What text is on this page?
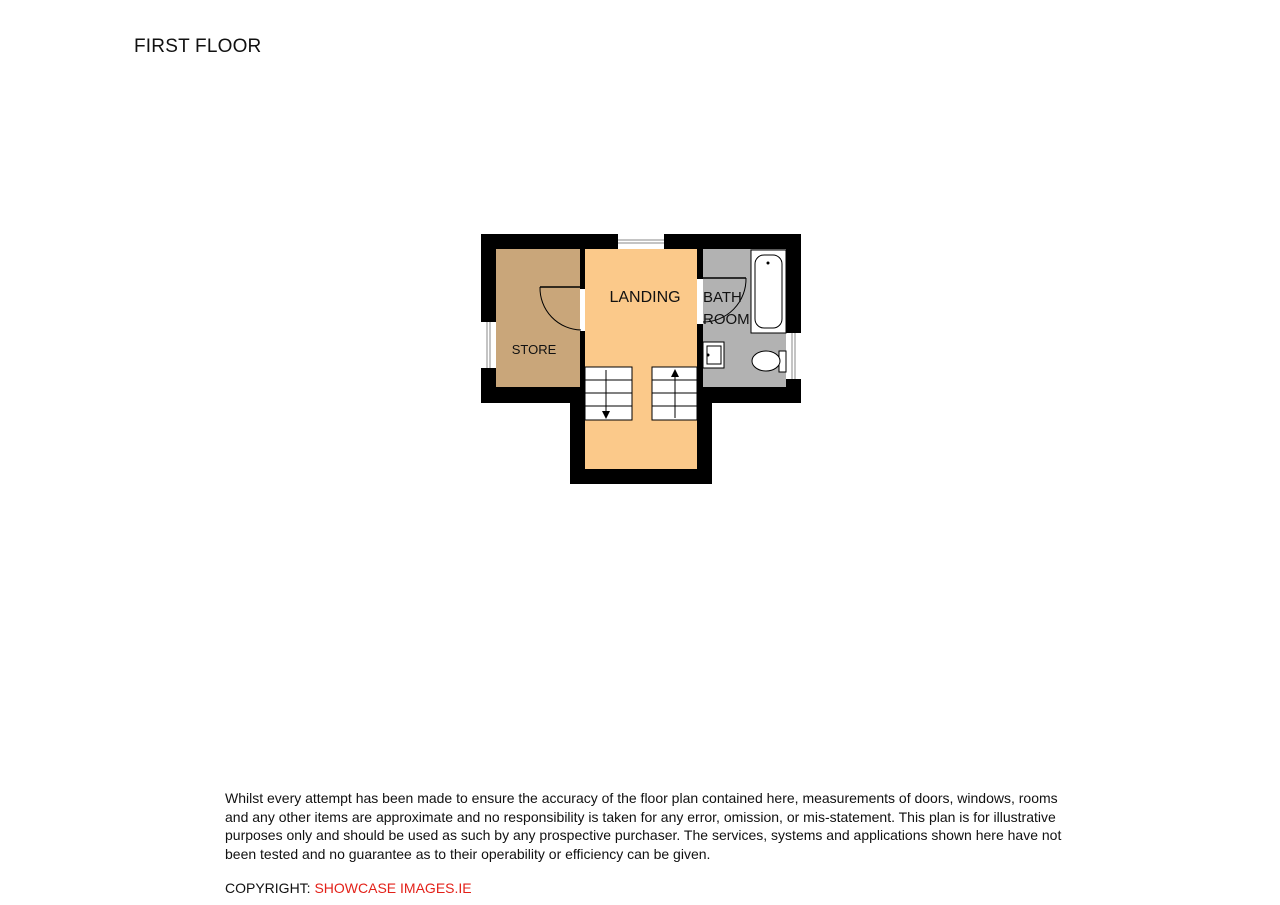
FIRST FLOOR
LANDING
STORE
BATH
ROOM
Whilst every attempt has been made to ensure the accuracy of the floor plan contained here, measurements of doors, windows, rooms and any other items are approximate and no responsibility is taken for any error, omission, or mis-statement. This plan is for illustrative purposes only and should be used as such by any prospective purchaser. The services, systems and applications shown here have not been tested and no guarantee as to their operability or efficiency can be given.
COPYRIGHT: SHOWCASE IMAGES.IE
